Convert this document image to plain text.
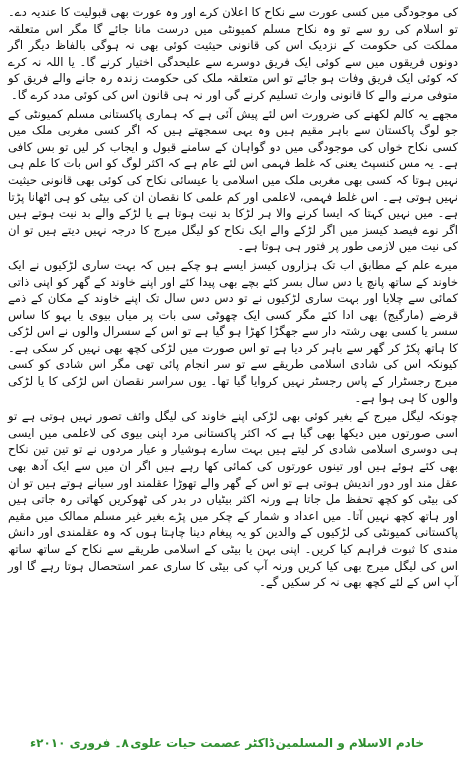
کی موجودگی میں کسی عورت سے نکاح کا اعلان کرے اور وہ عورت بھی قبولیت کا عندیہ دے۔ تو اسلام کی رو سے تو وہ نکاح مسلم کمیونٹی میں درست مانا جائے گا مگر اس متعلقہ مملکت کی حکومت کے نزدیک اس کی قانونی حیثیت کوئی بھی نہ ہوگی بالفاظ دیگر اگر دونوں فریقوں میں سے کوئی ایک فریق دوسرے سے علیحدگی اختیار کرنے گا۔ یا اللہ نہ کرے کہ کوئی ایک فریق وفات ہو جائے تو اس متعلقہ ملک کی حکومت زندہ رہ جانے والے فریق کو متوفی مرنے والے کا قانونی وارث تسلیم کرنے گی اور نہ ہی قانون اس کی کوئی مدد کرے گا۔

مجھے یہ کالم لکھنے کی ضرورت اس لئے پیش آئی ہے کہ ہماری پاکستانی مسلم کمیونٹی کے جو لوگ پاکستان سے باہر مقیم ہیں وہ یہی سمجھتے ہیں کہ اگر کسی مغربی ملک میں کسی نکاح خواں کی موجودگی میں دو گواہان کے سامنے قبول و ایجاب کر لیں تو بس کافی ہے۔ یہ مس کنسپٹ یعنی کہ غلط فہمی اس لئے عام ہے کہ اکثر لوگ کو اس بات کا علم ہی نہیں ہوتا کہ کسی بھی مغربی ملک میں اسلامی یا عیسائی نکاح کی کوئی بھی قانونی حیثیت نہیں ہوتی ہے۔ اس غلط فہمی، لاعلمی اور کم علمی کا نقصان ان کی بیٹی کو ہی اٹھانا پڑتا ہے۔ میں نہیں کہتا کہ ایسا کرنے والا ہر لڑکا بد نیت ہوتا ہے یا لڑکے والے بد نیت ہوتے ہیں اگر نوے فیصد کیسز میں اگر لڑکے والے ایک نکاح کو لیگل میرج کا درجہ نہیں دیتے ہیں تو ان کی نیت میں لازمی طور پر فتور ہی ہوتا ہے۔

میرے علم کے مطابق اب تک ہزاروں کیسز ایسے ہو چکے ہیں کہ بہت ساری لڑکیوں نے ایک خاوند کے ساتھ پانچ یا دس سال بسر کئے بچے بھی پیدا کئے اور اپنے خاوند کے گھر کو اپنی ذاتی کمائی سے چلایا اور بہت ساری لڑکیوں نے تو دس دس سال تک اپنے خاوند کے مکان کے ذمے قرضے (مارگیج) بھی ادا کئے مگر کسی ایک چھوٹی سی بات پر میاں بیوی یا بہو کا ساس سسر یا کسی بھی رشتہ دار سے جھگڑا کھڑا ہو گیا ہے تو اس کے سسرال والوں نے اس لڑکی کا ہاتھ پکڑ کر گھر سے باہر کر دیا ہے تو اس صورت میں لڑکی کچھ بھی نہیں کر سکی ہے۔ کیونکہ اس کی شادی اسلامی طریقے سے تو سر انجام پائی تھی مگر اس شادی کو کسی میرج رجسٹرار کے پاس رجسٹر نہیں کروایا گیا تھا۔ یوں سراسر نقصان اس لڑکی کا یا لڑکی والوں کا ہی ہوا ہے۔

چونکہ لیگل میرج کے بغیر کوئی بھی لڑکی اپنے خاوند کی لیگل وائف تصور نہیں ہوتی ہے تو اسی صورتوں میں دیکھا بھی گیا ہے کہ اکثر پاکستانی مرد اپنی بیوی کی لاعلمی میں ایسی ہی دوسری اسلامی شادی کر لیتے ہیں بہت سارے ہوشیار و عیار مردوں نے تو تین تین نکاح بھی کئے ہوئے ہیں اور تینوں عورتوں کی کمائی کھا رہے ہیں اگر ان میں سے ایک آدھ بھی عقل مند اور دور اندیش ہوتی ہے تو اس کے گھر والے تھوڑا عقلمند اور سیانے ہوتے ہیں تو ان کی بیٹی کو کچھ تحفظ مل جاتا ہے ورنہ اکثر بیٹیاں در بدر کی ٹھوکریں کھاتی رہ جاتی ہیں اور ہاتھ کچھ نہیں آتا۔ میں اعداد و شمار کے چکر میں پڑے بغیر غیر مسلم ممالک میں مقیم پاکستانی کمیونٹی کی لڑکیوں کے والدین کو یہ پیغام دینا چاہتا ہوں کہ وہ عقلمندی اور دانش مندی کا ثبوت فراہم کیا کریں۔ اپنی بہن یا بیٹی کے اسلامی طریقے سے نکاح کے ساتھ ساتھ اس کی لیگل میرج بھی کیا کریں ورنہ آپ کی بیٹی کا ساری عمر استحصال ہوتا رہے گا اور آپ اس کے لئے کچھ بھی نہ کر سکیں گے۔

خادم الاسلام و المسلمین
ڈاکٹر عصمت حیات علوی
۸۔ فروری ۲۰۱۰ء
